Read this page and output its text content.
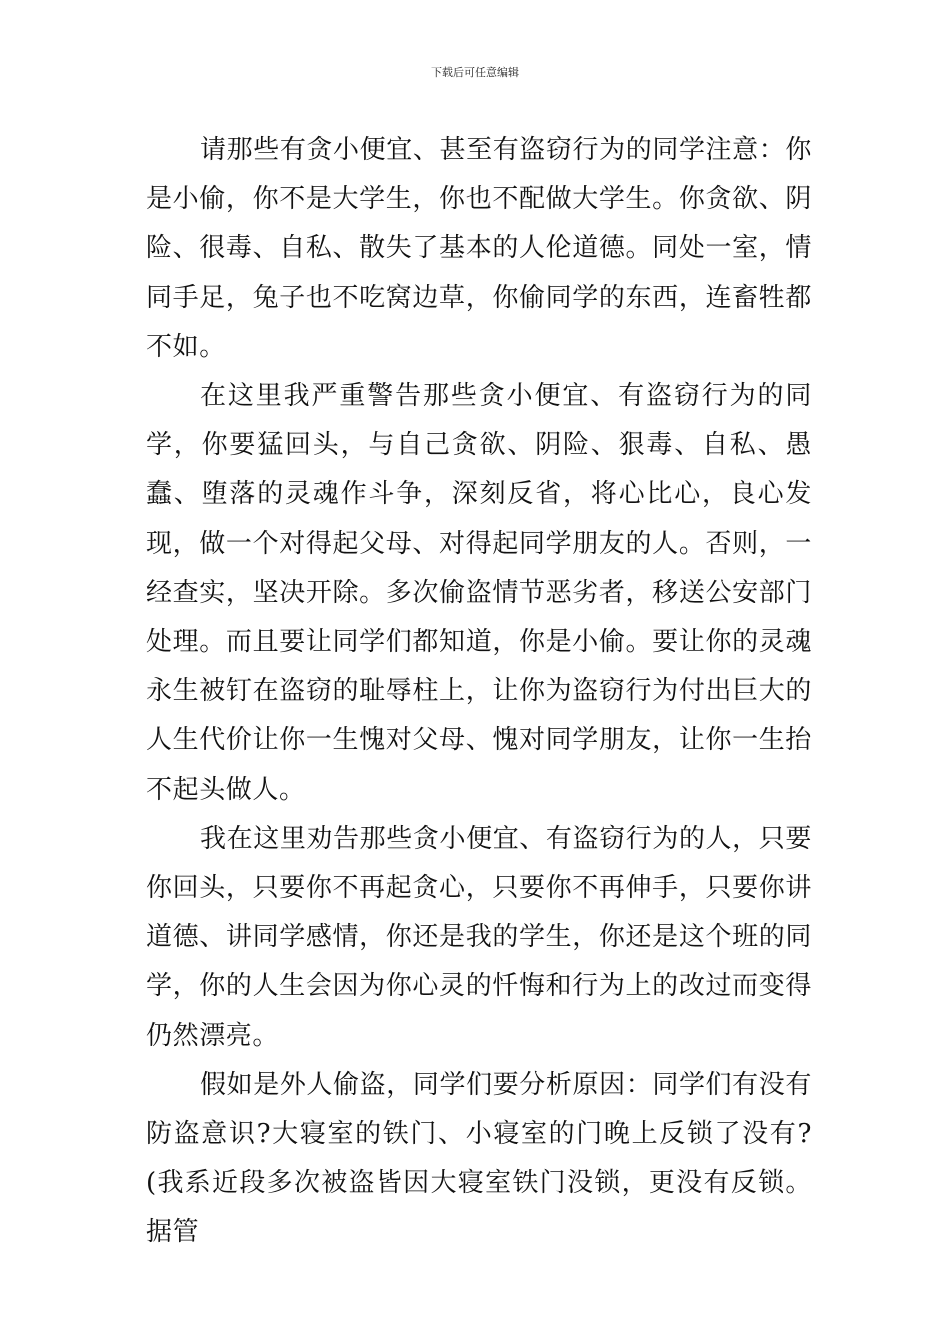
下载后可任意编辑

请那些有贪小便宜、甚至有盗窃行为的同学注意：你是小偷，你不是大学生，你也不配做大学生。你贪欲、阴险、很毒、自私、散失了基本的人伦道德。同处一室，情同手足，兔子也不吃窝边草，你偷同学的东西，连畜牲都不如。

在这里我严重警告那些贪小便宜、有盗窃行为的同学，你要猛回头，与自己贪欲、阴险、狠毒、自私、愚蠢、堕落的灵魂作斗争，深刻反省，将心比心，良心发现，做一个对得起父母、对得起同学朋友的人。否则，一经查实，坚决开除。多次偷盗情节恶劣者，移送公安部门处理。而且要让同学们都知道，你是小偷。要让你的灵魂永生被钉在盗窃的耻辱柱上，让你为盗窃行为付出巨大的人生代价让你一生愧对父母、愧对同学朋友，让你一生抬不起头做人。

我在这里劝告那些贪小便宜、有盗窃行为的人，只要你回头，只要你不再起贪心，只要你不再伸手，只要你讲道德、讲同学感情，你还是我的学生，你还是这个班的同学，你的人生会因为你心灵的忏悔和行为上的改过而变得仍然漂亮。

假如是外人偷盗，同学们要分析原因：同学们有没有防盗意识?大寝室的铁门、小寝室的门晚上反锁了没有?(我系近段多次被盗皆因大寝室铁门没锁，更没有反锁。据管
